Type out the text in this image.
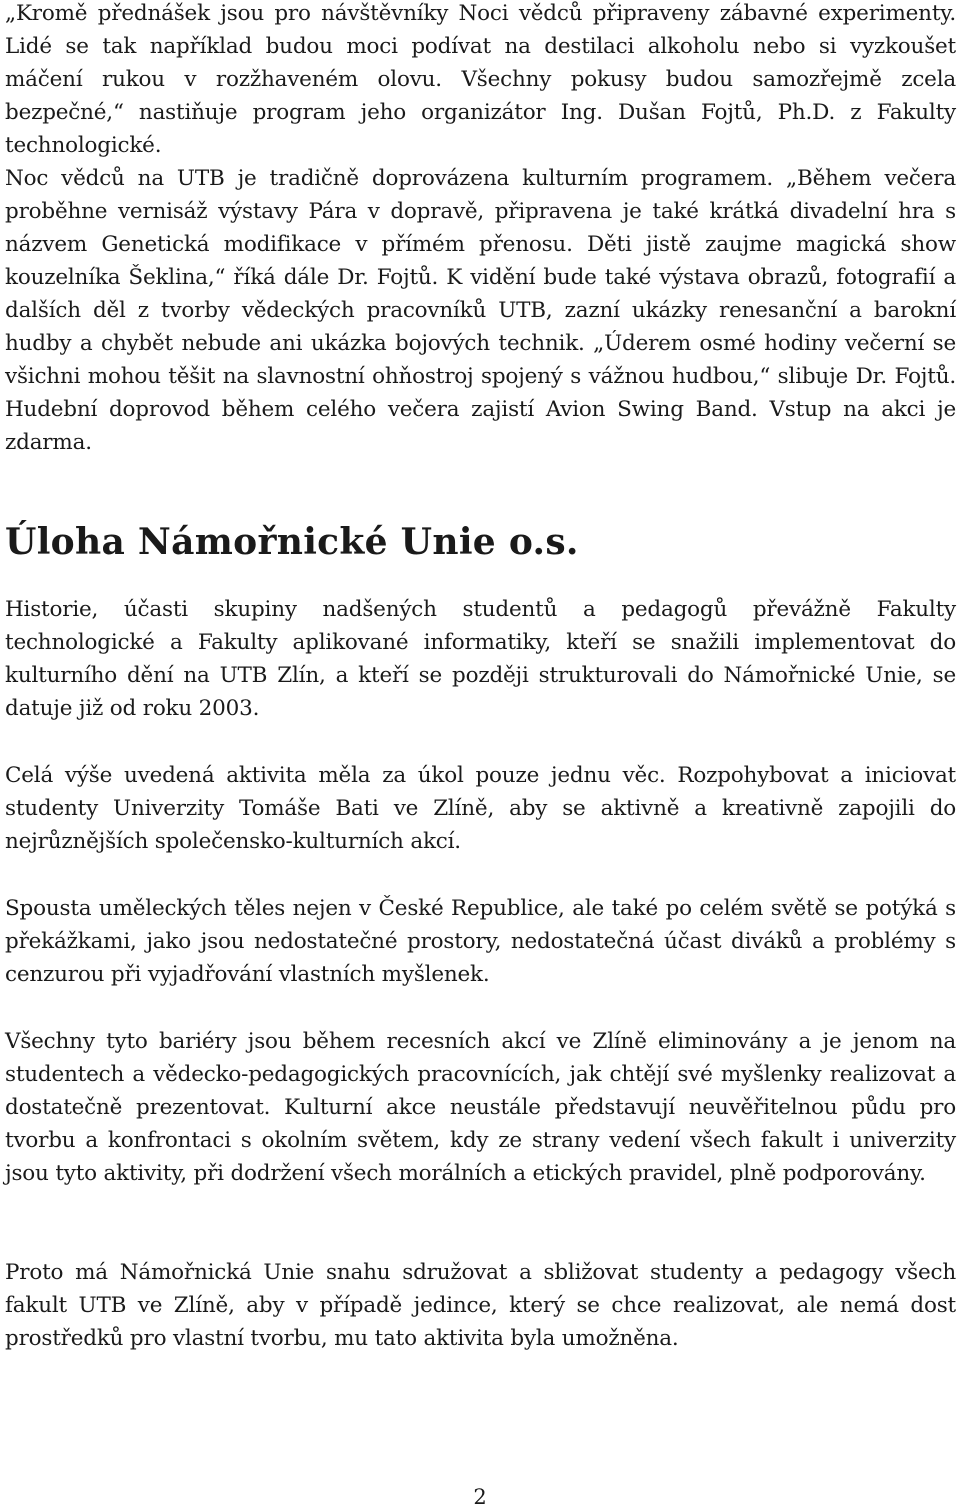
„Kromě přednášek jsou pro návštěvníky Noci vědců připraveny zábavné experimenty. Lidé se tak například budou moci podívat na destilaci alkoholu nebo si vyzkoušet máčení rukou v rozžhaveném olovu. Všechny pokusy budou samozřejmě zcela bezpečné,“ nastiňuje program jeho organizátor Ing. Dušan Fojtů, Ph.D. z Fakulty technologické.

Noc vědců na UTB je tradičně doprovázena kulturním programem. „Během večera proběhne vernisáž výstavy Pára v dopravě, připravena je také krátká divadelní hra s názvem Genetická modifikace v přímém přenosu. Děti jistě zaujme magická show kouzelníka Šeklina,“ říká dále Dr. Fojtů. K vidění bude také výstava obrazů, fotografií a dalších děl z tvorby vědeckých pracovníků UTB, zazní ukázky renesanční a barokní hudby a chybět nebude ani ukázka bojových technik. „Úderem osmé hodiny večerní se všichni mohou těšit na slavnostní ohňostroj spojený s vážnou hudbou,“ slibuje Dr. Fojtů. Hudební doprovod během celého večera zajistí Avion Swing Band. Vstup na akci je zdarma.

Úloha Námořnické Unie o.s.

Historie, účasti skupiny nadšených studentů a pedagogů převážně Fakulty technologické a Fakulty aplikované informatiky, kteří se snažili implementovat do kulturního dění na UTB Zlín, a kteří se později strukturovali do Námořnické Unie, se datuje již od roku 2003.

Celá výše uvedená aktivita měla za úkol pouze jednu věc. Rozpohybovat a iniciovat studenty Univerzity Tomáše Bati ve Zlíně, aby se aktivně a kreativně zapojili do nejrůznějších společensko-kulturních akcí.

Spousta uměleckých těles nejen v České Republice, ale také po celém světě se potýká s překážkami, jako jsou nedostatečné prostory, nedostatečná účast diváků a problémy s cenzurou při vyjadřování vlastních myšlenek.

Všechny tyto bariéry jsou během recesních akcí ve Zlíně eliminovány a je jenom na studentech a vědecko-pedagogických pracovnících, jak chtějí své myšlenky realizovat a dostatečně prezentovat. Kulturní akce neustále představují neuvěřitelnou půdu pro tvorbu a konfrontaci s okolním světem, kdy ze strany vedení všech fakult i univerzity jsou tyto aktivity, při dodržení všech morálních a etických pravidel, plně podporovány.

Proto má Námořnická Unie snahu sdružovat a sbližovat studenty a pedagogy všech fakult UTB ve Zlíně, aby v případě jedince, který se chce realizovat, ale nemá dost prostředků pro vlastní tvorbu, mu tato aktivita byla umožněna.

2
